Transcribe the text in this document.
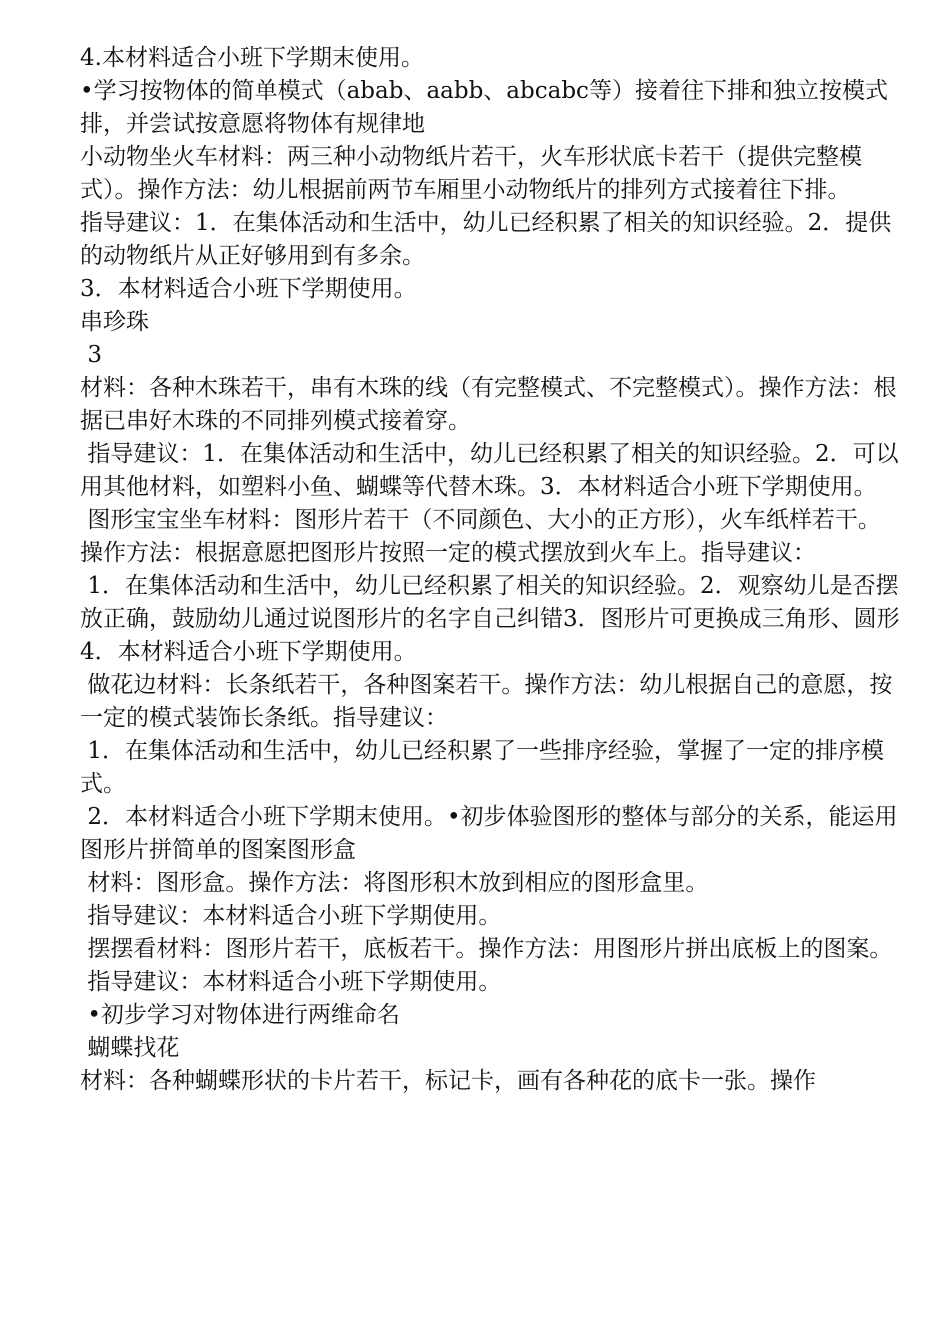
4.本材料适合小班下学期末使用。

•学习按物体的简单模式（abab、aabb、abcabc等）接着往下排和独立按模式排，并尝试按意愿将物体有规律地

小动物坐火车材料：两三种小动物纸片若干，火车形状底卡若干（提供完整模式）。操作方法：幼儿根据前两节车厢里小动物纸片的排列方式接着往下排。

指导建议：1．在集体活动和生活中，幼儿已经积累了相关的知识经验。2．提供的动物纸片从正好够用到有多余。

3．本材料适合小班下学期使用。

串珍珠

3

材料：各种木珠若干，串有木珠的线（有完整模式、不完整模式）。操作方法：根据已串好木珠的不同排列模式接着穿。

指导建议：1．在集体活动和生活中，幼儿已经积累了相关的知识经验。2．可以用其他材料，如塑料小鱼、蝴蝶等代替木珠。3．本材料适合小班下学期使用。

图形宝宝坐车材料：图形片若干（不同颜色、大小的正方形），火车纸样若干。操作方法：根据意愿把图形片按照一定的模式摆放到火车上。指导建议：

1．在集体活动和生活中，幼儿已经积累了相关的知识经验。2．观察幼儿是否摆放正确，鼓励幼儿通过说图形片的名字自己纠错3．图形片可更换成三角形、圆形4．本材料适合小班下学期使用。

做花边材料：长条纸若干，各种图案若干。操作方法：幼儿根据自己的意愿，按一定的模式装饰长条纸。指导建议：

1．在集体活动和生活中，幼儿已经积累了一些排序经验，掌握了一定的排序模式。

2．本材料适合小班下学期末使用。•初步体验图形的整体与部分的关系，能运用图形片拼简单的图案图形盒

材料：图形盒。操作方法：将图形积木放到相应的图形盒里。

指导建议：本材料适合小班下学期使用。

摆摆看材料：图形片若干，底板若干。操作方法：用图形片拼出底板上的图案。

指导建议：本材料适合小班下学期使用。

•初步学习对物体进行两维命名

蝴蝶找花

材料：各种蝴蝶形状的卡片若干，标记卡，画有各种花的底卡一张。操作
